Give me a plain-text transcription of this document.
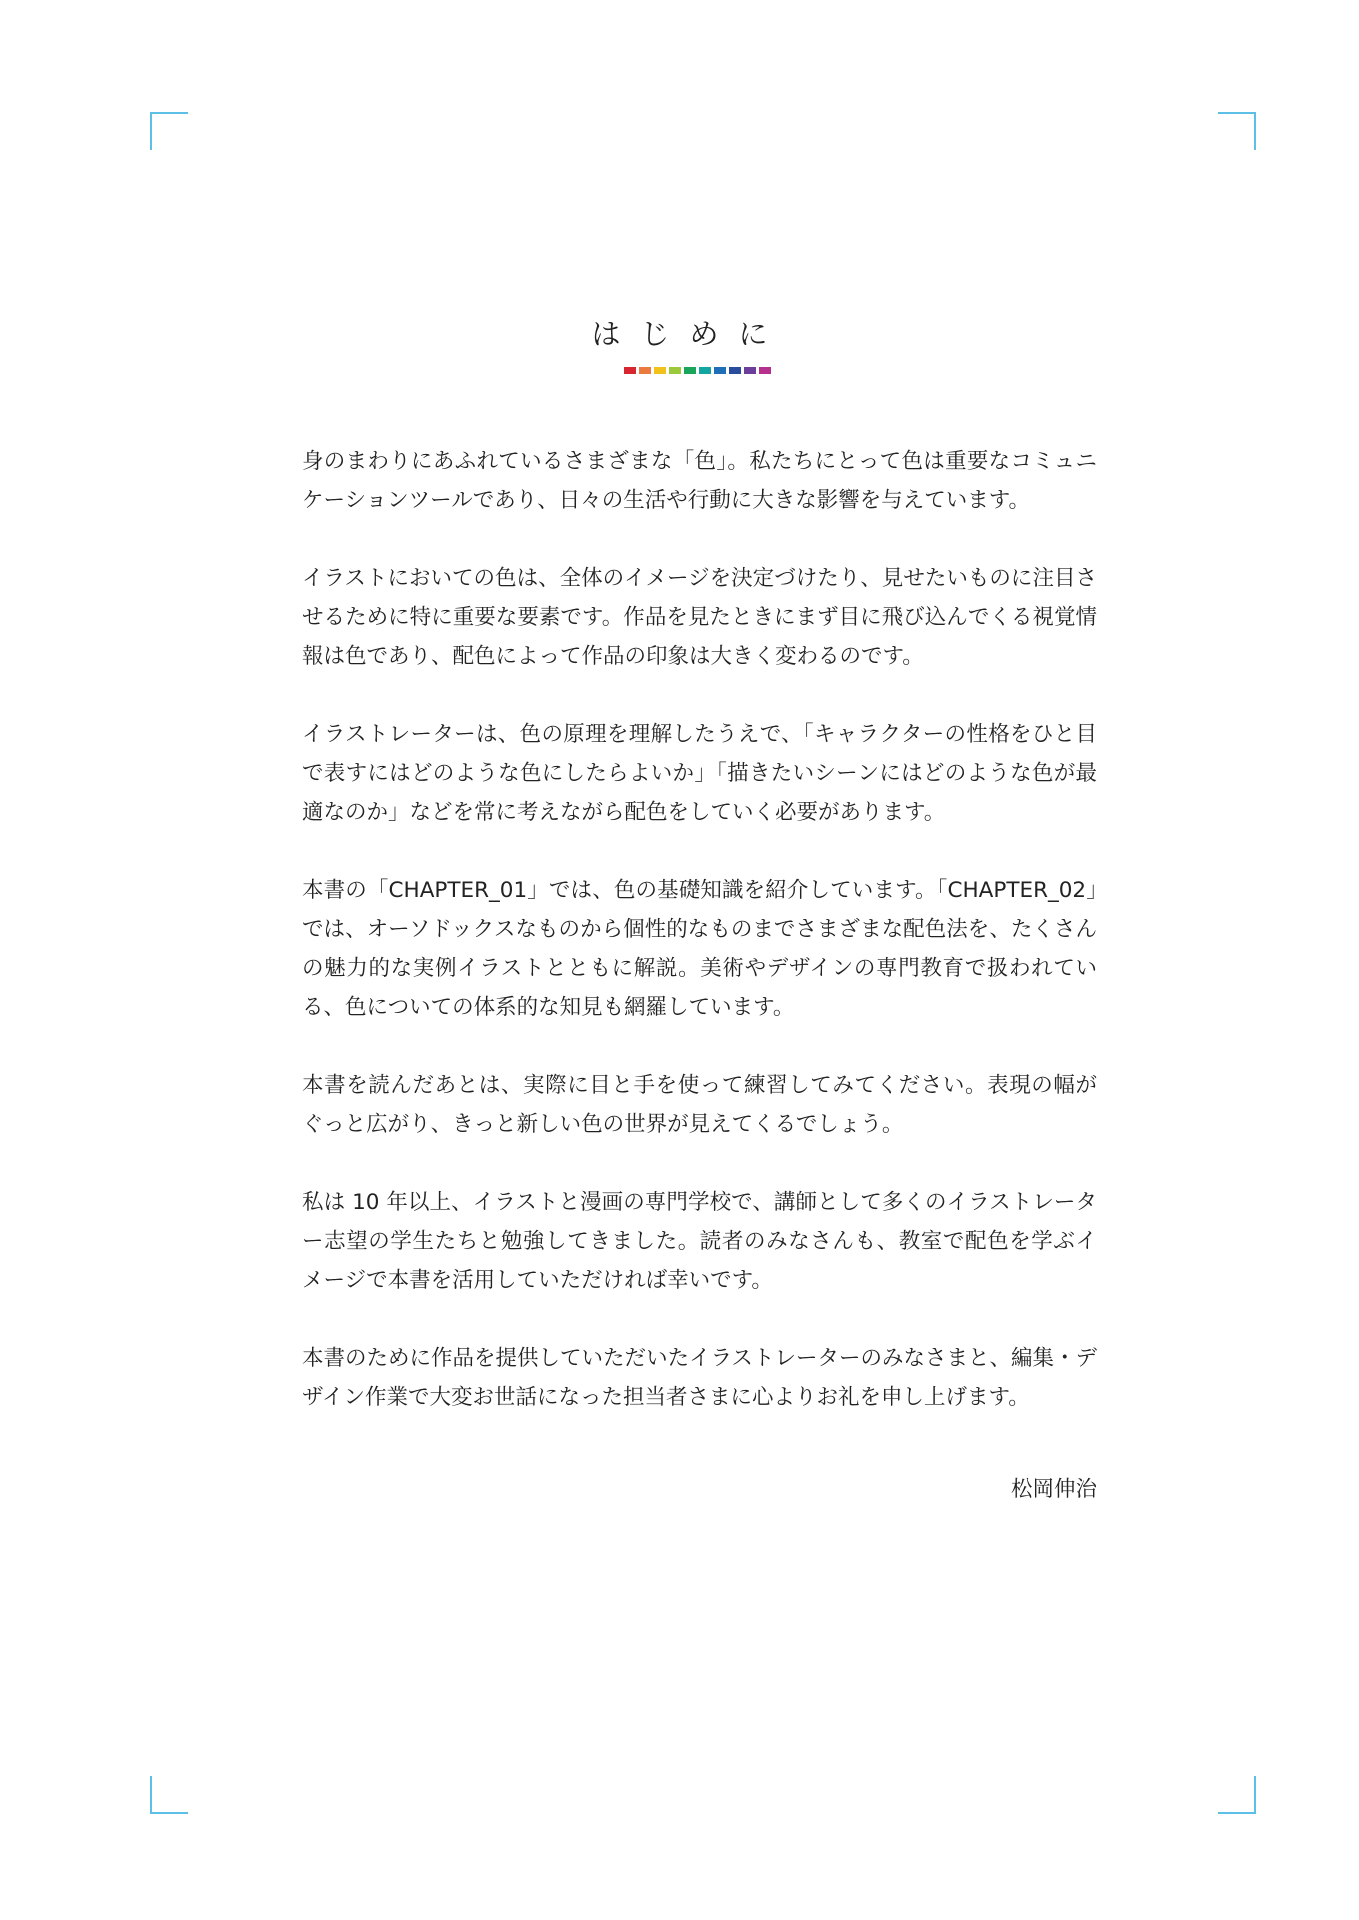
はじめに

身のまわりにあふれているさまざまな「色」。私たちにとって色は重要なコミュニケーションツールであり、日々の生活や行動に大きな影響を与えています。

イラストにおいての色は、全体のイメージを決定づけたり、見せたいものに注目させるために特に重要な要素です。作品を見たときにまず目に飛び込んでくる視覚情報は色であり、配色によって作品の印象は大きく変わるのです。

イラストレーターは、色の原理を理解したうえで、「キャラクターの性格をひと目で表すにはどのような色にしたらよいか」「描きたいシーンにはどのような色が最適なのか」などを常に考えながら配色をしていく必要があります。

本書の「CHAPTER_01」では、色の基礎知識を紹介しています。「CHAPTER_02」では、オーソドックスなものから個性的なものまでさまざまな配色法を、たくさんの魅力的な実例イラストとともに解説。美術やデザインの専門教育で扱われている、色についての体系的な知見も網羅しています。

本書を読んだあとは、実際に目と手を使って練習してみてください。表現の幅がぐっと広がり、きっと新しい色の世界が見えてくるでしょう。

私は 10 年以上、イラストと漫画の専門学校で、講師として多くのイラストレーター志望の学生たちと勉強してきました。読者のみなさんも、教室で配色を学ぶイメージで本書を活用していただければ幸いです。

本書のために作品を提供していただいたイラストレーターのみなさまと、編集・デザイン作業で大変お世話になった担当者さまに心よりお礼を申し上げます。

松岡伸治
